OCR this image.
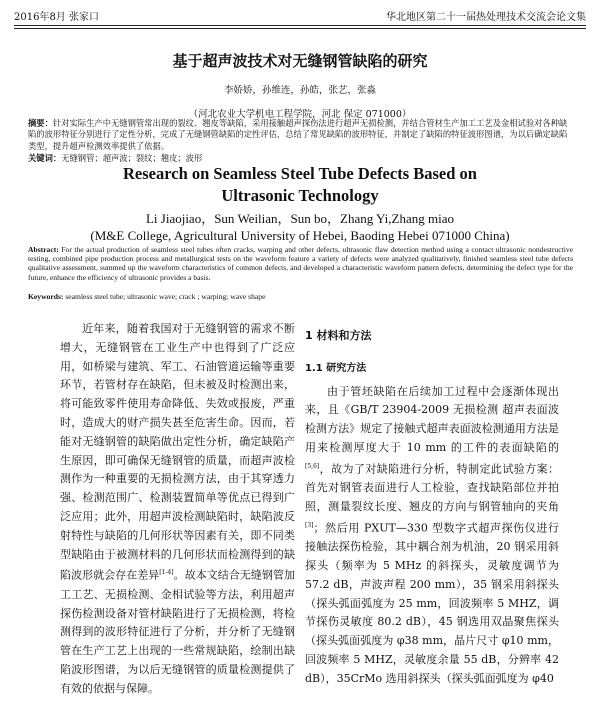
2016年8月 张家口	华北地区第二十一届热处理技术交流会论文集
基于超声波技术对无缝钢管缺陷的研究
李娇娇，孙维连，孙皓，张艺，张淼
（河北农业大学机电工程学院，河北 保定 071000）
摘要：针对实际生产中无缝钢管常出现的裂纹、翘皮等缺陷，采用接触超声探伤法进行超声无损检测，并结合管材生产加工工艺及金相试验对各种缺陷的波形特征分别进行了定性分析，完成了无缝钢管缺陷的定性评估，总结了常见缺陷的波形特征，并制定了缺陷的特征波形图谱，为以后确定缺陷类型，提升超声检测效率提供了依据。
关键词：无缝钢管；超声波；裂纹；翘皮；波形
Research on Seamless Steel Tube Defects Based on
Ultrasonic Technology
Li Jiaojiao，Sun Weilian，Sun bo，Zhang Yi,Zhang miao
(M&E College, Agricultural University of Hebei, Baoding Hebei 071000 China)
Abstract: For the actual production of seamless steel tubes often cracks, warping and other defects, ultrasonic flaw detection method using a contact ultrasonic nondestructive testing, combined pipe production process and metallurgical tests on the waveform feature a variety of defects were analyzed qualitatively, finished seamless steel tube defects qualitative assessment, summed up the waveform characteristics of common defects, and developed a characteristic waveform pattern defects, determining the defect type for the future, enhance the efficiency of ultrasonic provides a basis.
Keywords: seamless steel tube; ultrasonic wave; crack ; warping; wave shape

近年来，随着我国对于无缝钢管的需求不断增大，无缝钢管在工业生产中也得到了广泛应用，如桥梁与建筑、军工、石油管道运输等重要环节，若管材存在缺陷，但未被及时检测出来，将可能致零件使用寿命降低、失效或报废，严重时，造成大的财产损失甚至危害生命。因而，若能对无缝钢管的缺陷做出定性分析，确定缺陷产生原因，即可确保无缝钢管的质量，而超声波检测作为一种重要的无损检测方法，由于其穿透力强、检测范围广、检测装置简单等优点已得到广泛应用；此外，用超声波检测缺陷时，缺陷波反射特性与缺陷的几何形状等因素有关，即不同类型缺陷由于被测材料的几何形状而检测得到的缺陷波形就会存在差异[1-4]。故本文结合无缝钢管加工工艺、无损检测、金相试验等方法，利用超声探伤检测设备对管材缺陷进行了无损检测，将检测得到的波形特征进行了分析，并分析了无缝钢管在生产工艺上出现的一些常规缺陷，绘制出缺陷波形图谱，为以后无缝钢管的质量检测提供了有效的依据与保障。

1 材料和方法
1.1 研究方法

由于管坯缺陷在后续加工过程中会逐渐体现出来，且《GB/T 23904-2009 无损检测 超声表面波检测方法》规定了接触式超声表面波检测通用方法是用来检测厚度大于 10 mm 的工件的表面缺陷的[5,6]，故为了对缺陷进行分析，特制定此试验方案：首先对钢管表面进行人工检验，查找缺陷部位并拍照，测量裂纹长度、翘皮的方向与钢管轴向的夹角[3]；然后用 PXUT—330 型数字式超声探伤仪进行接触法探伤检验，其中耦合剂为机油，20 钢采用斜探头（频率为 5 MHz 的斜探头，灵敏度调节为 57.2 dB，声波声程 200 mm），35 钢采用斜探头（探头弧面弧度为 25 mm，回波频率 5 MHZ，调节探伤灵敏度 80.2 dB），45 钢选用双晶聚焦探头（探头弧面弧度为 φ38 mm，晶片尺寸 φ10 mm，回波频率 5 MHZ，灵敏度余量 55 dB，分辨率 42 dB），35CrMo 选用斜探头（探头弧面弧度为 φ40
